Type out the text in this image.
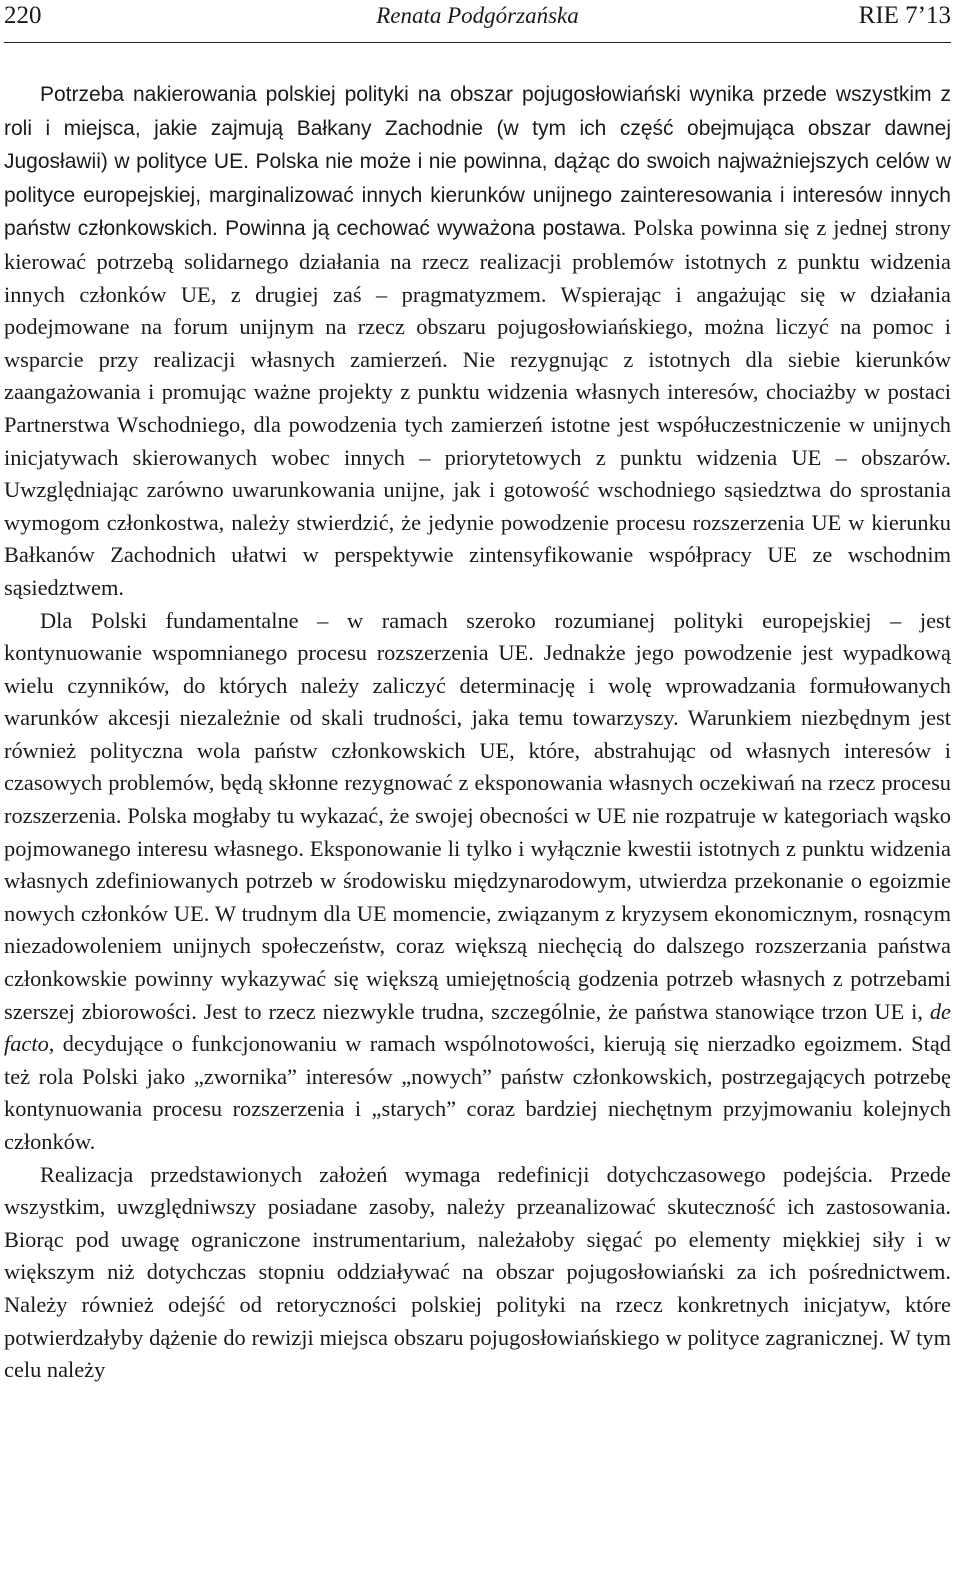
220	Renata Podgórzańska	RIE 7’13

Potrzeba nakierowania polskiej polityki na obszar pojugosłowiański wynika przede wszystkim z roli i miejsca, jakie zajmują Bałkany Zachodnie (w tym ich część obejmująca obszar dawnej Jugosławii) w polityce UE. Polska nie może i nie powinna, dążąc do swoich najważniejszych celów w polityce europejskiej, marginalizować innych kierunków unijnego zainteresowania i interesów innych państw członkowskich. Powinna ją cechować wyważona postawa. Polska powinna się z jednej strony kierować potrzebą solidarnego działania na rzecz realizacji problemów istotnych z punktu widzenia innych członków UE, z drugiej zaś – pragmatyzmem. Wspierając i angażując się w działania podejmowane na forum unijnym na rzecz obszaru pojugosłowiańskiego, można liczyć na pomoc i wsparcie przy realizacji własnych zamierzeń. Nie rezygnując z istotnych dla siebie kierunków zaangażowania i promując ważne projekty z punktu widzenia własnych interesów, chociażby w postaci Partnerstwa Wschodniego, dla powodzenia tych zamierzeń istotne jest współuczestniczenie w unijnych inicjatywach skierowanych wobec innych – priorytetowych z punktu widzenia UE – obszarów. Uwzględniając zarówno uwarunkowania unijne, jak i gotowość wschodniego sąsiedztwa do sprostania wymogom członkostwa, należy stwierdzić, że jedynie powodzenie procesu rozszerzenia UE w kierunku Bałkanów Zachodnich ułatwi w perspektywie zintensyfikowanie współpracy UE ze wschodnim sąsiedztwem.

Dla Polski fundamentalne – w ramach szeroko rozumianej polityki europejskiej – jest kontynuowanie wspomnianego procesu rozszerzenia UE. Jednakże jego powodzenie jest wypadkową wielu czynników, do których należy zaliczyć determinację i wolę wprowadzania formułowanych warunków akcesji niezależnie od skali trudności, jaka temu towarzyszy. Warunkiem niezbędnym jest również polityczna wola państw członkowskich UE, które, abstrahując od własnych interesów i czasowych problemów, będą skłonne rezygnować z eksponowania własnych oczekiwań na rzecz procesu rozszerzenia. Polska mogłaby tu wykazać, że swojej obecności w UE nie rozpatruje w kategoriach wąsko pojmowanego interesu własnego. Eksponowanie li tylko i wyłącznie kwestii istotnych z punktu widzenia własnych zdefiniowanych potrzeb w środowisku międzynarodowym, utwierdza przekonanie o egoizmie nowych członków UE. W trudnym dla UE momencie, związanym z kryzysem ekonomicznym, rosnącym niezadowoleniem unijnych społeczeństw, coraz większą niechęcią do dalszego rozszerzania państwa członkowskie powinny wykazywać się większą umiejętnością godzenia potrzeb własnych z potrzebami szerszej zbiorowości. Jest to rzecz niezwykle trudna, szczególnie, że państwa stanowiące trzon UE i, de facto, decydujące o funkcjonowaniu w ramach wspólnotowości, kierują się nierzadko egoizmem. Stąd też rola Polski jako „zwornika” interesów „nowych” państw członkowskich, postrzegających potrzebę kontynuowania procesu rozszerzenia i „starych” coraz bardziej niechętnym przyjmowaniu kolejnych członków.

Realizacja przedstawionych założeń wymaga redefinicji dotychczasowego podejścia. Przede wszystkim, uwzględniwszy posiadane zasoby, należy przeanalizować skuteczność ich zastosowania. Biorąc pod uwagę ograniczone instrumentarium, należałoby sięgać po elementy miękkiej siły i w większym niż dotychczas stopniu oddziaływać na obszar pojugosłowiański za ich pośrednictwem. Należy również odejść od retoryczności polskiej polityki na rzecz konkretnych inicjatyw, które potwierdzałyby dążenie do rewizji miejsca obszaru pojugosłowiańskiego w polityce zagranicznej. W tym celu należy
